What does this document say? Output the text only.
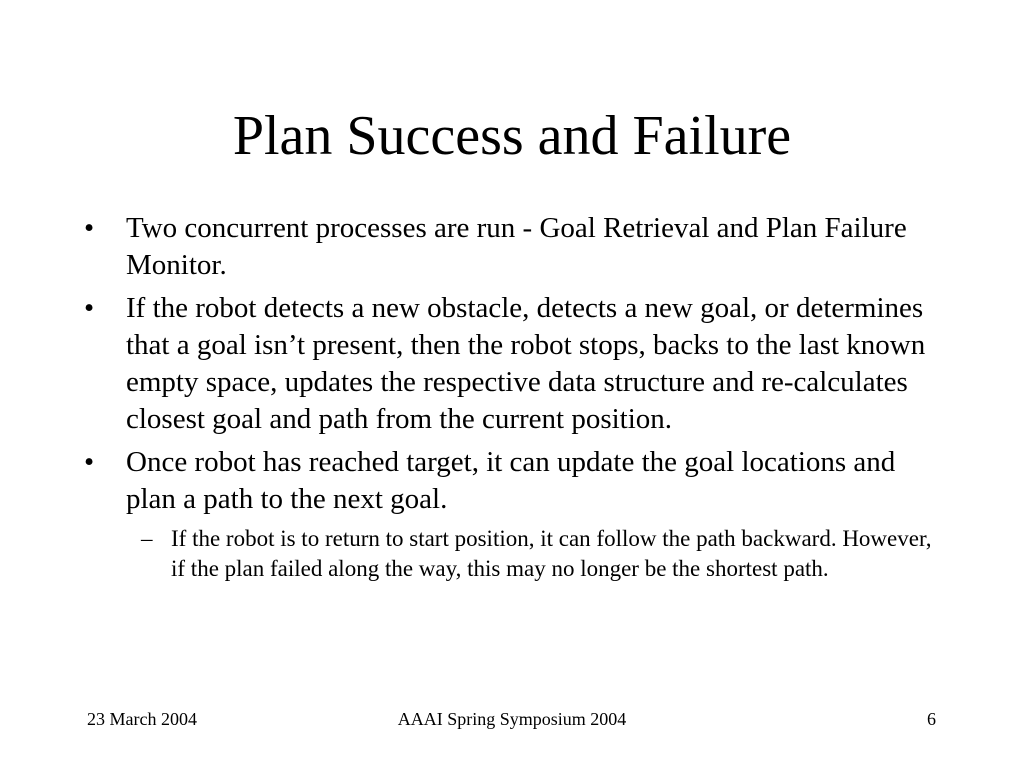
Plan Success and Failure
• Two concurrent processes are run - Goal Retrieval and Plan Failure Monitor.
• If the robot detects a new obstacle, detects a new goal, or determines that a goal isn’t present, then the robot stops, backs to the last known empty space, updates the respective data structure and re-calculates closest goal and path from the current position.
• Once robot has reached target, it can update the goal locations and plan a path to the next goal.
– If the robot is to return to start position, it can follow the path backward. However, if the plan failed along the way, this may no longer be the shortest path.
AAAI Spring Symposium 2004
23 March 2004	6
